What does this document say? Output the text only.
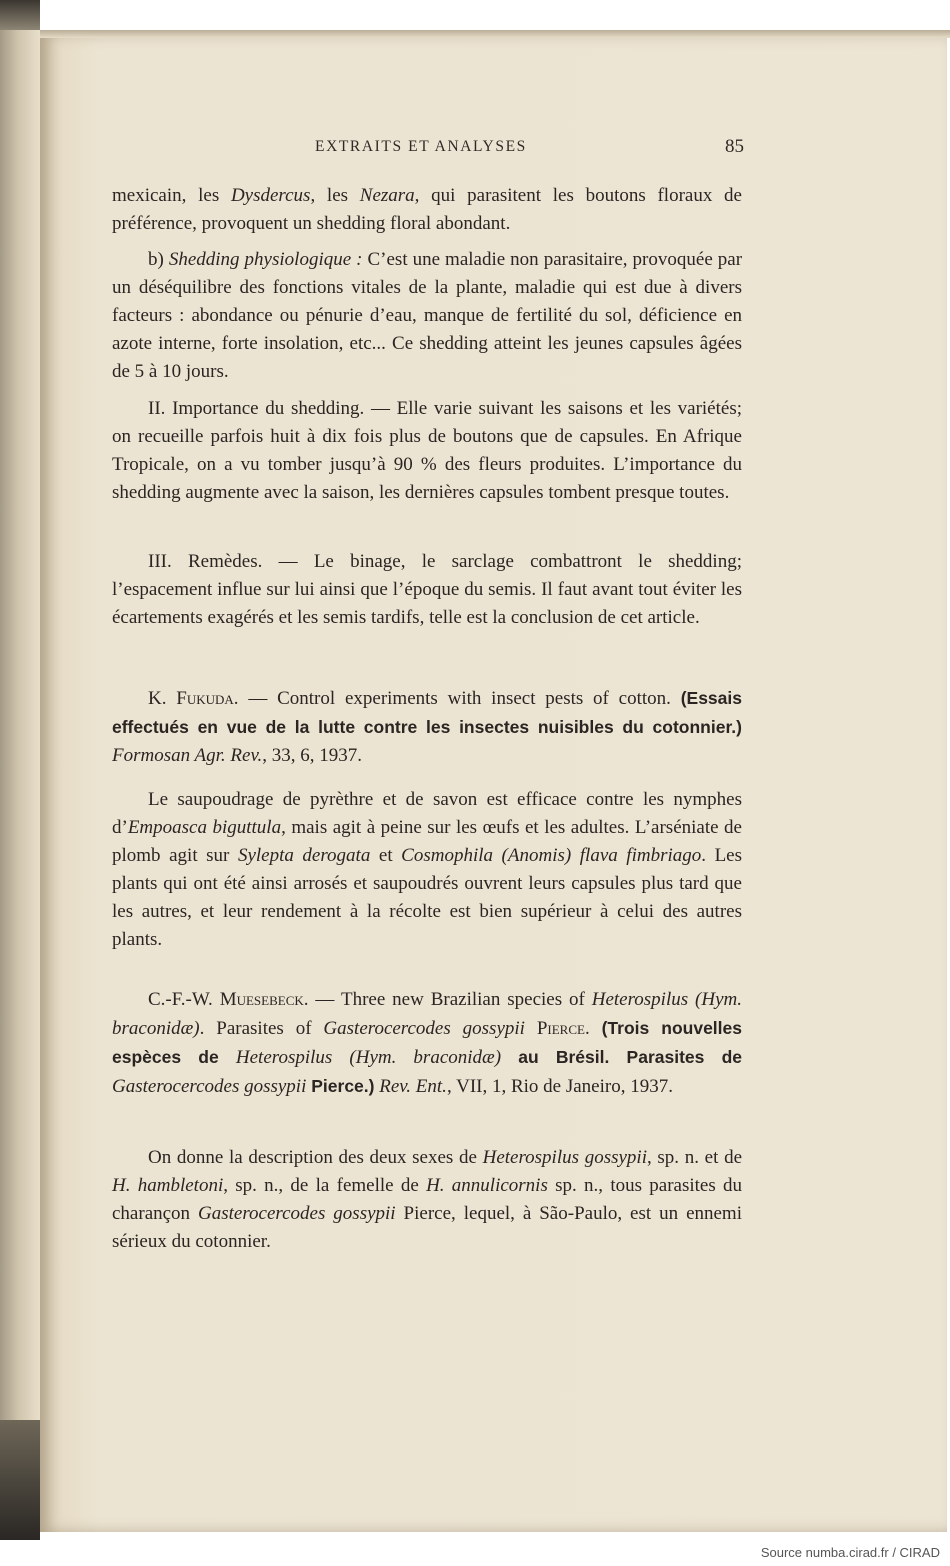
EXTRAITS ET ANALYSES	85

mexicain, les Dysdercus, les Nezara, qui parasitent les boutons floraux de préférence, provoquent un shedding floral abondant.

b) Shedding physiologique : C’est une maladie non parasitaire, provoquée par un déséquilibre des fonctions vitales de la plante, maladie qui est due à divers facteurs : abondance ou pénurie d’eau, manque de fertilité du sol, déficience en azote interne, forte insolation, etc... Ce shedding atteint les jeunes capsules âgées de 5 à 10 jours.

II. Importance du shedding. — Elle varie suivant les saisons et les variétés; on recueille parfois huit à dix fois plus de boutons que de capsules. En Afrique Tropicale, on a vu tomber jusqu’à 90 % des fleurs produites. L’importance du shedding augmente avec la saison, les dernières capsules tombent presque toutes.

III. Remèdes. — Le binage, le sarclage combattront le shedding; l’espacement influe sur lui ainsi que l’époque du semis. Il faut avant tout éviter les écartements exagérés et les semis tardifs, telle est la conclusion de cet article.

K. Fukuda. — Control experiments with insect pests of cotton. (Essais effectués en vue de la lutte contre les insectes nuisibles du cotonnier.) Formosan Agr. Rev., 33, 6, 1937.

Le saupoudrage de pyrèthre et de savon est efficace contre les nymphes d’Empoasca biguttula, mais agit à peine sur les œufs et les adultes. L’arséniate de plomb agit sur Sylepta derogata et Cosmophila (Anomis) flava fimbriago. Les plants qui ont été ainsi arrosés et saupoudrés ouvrent leurs capsules plus tard que les autres, et leur rendement à la récolte est bien supérieur à celui des autres plants.

C.-F.-W. Muesebeck. — Three new Brazilian species of Heterospilus (Hym. braconidæ). Parasites of Gasterocercodes gossypii Pierce. (Trois nouvelles espèces de Heterospilus (Hym. braconidæ) au Brésil. Parasites de Gasterocercodes gossypii Pierce.) Rev. Ent., VII, 1, Rio de Janeiro, 1937.

On donne la description des deux sexes de Heterospilus gossypii, sp. n. et de H. hambletoni, sp. n., de la femelle de H. annulicornis sp. n., tous parasites du charançon Gasterocercodes gossypii Pierce, lequel, à São-Paulo, est un ennemi sérieux du cotonnier.

Source numba.cirad.fr / CIRAD
